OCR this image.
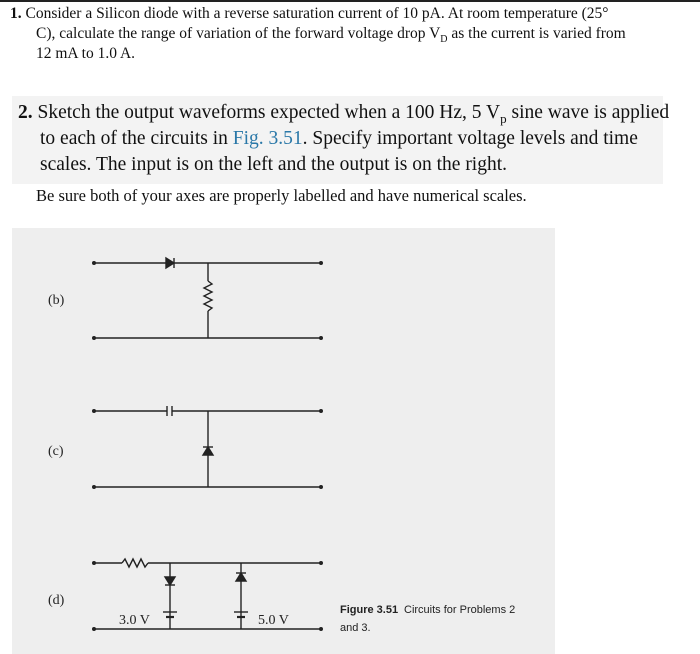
1. Consider a Silicon diode with a reverse saturation current of 10 pA. At room temperature (25°
C), calculate the range of variation of the forward voltage drop $V_D$ as the current is varied from
12 mA to 1.0 A.
2. Sketch the output waveforms expected when a 100 Hz, 5 $V_p$ sine wave is applied
to each of the circuits in Fig. 3.51. Specify important voltage levels and time
scales. The input is on the left and the output is on the right.
Be sure both of your axes are properly labelled and have numerical scales.
(b)
(c)
(d)
3.0 V	5.0 V
Figure 3.51 Circuits for Problems 2
and 3.
